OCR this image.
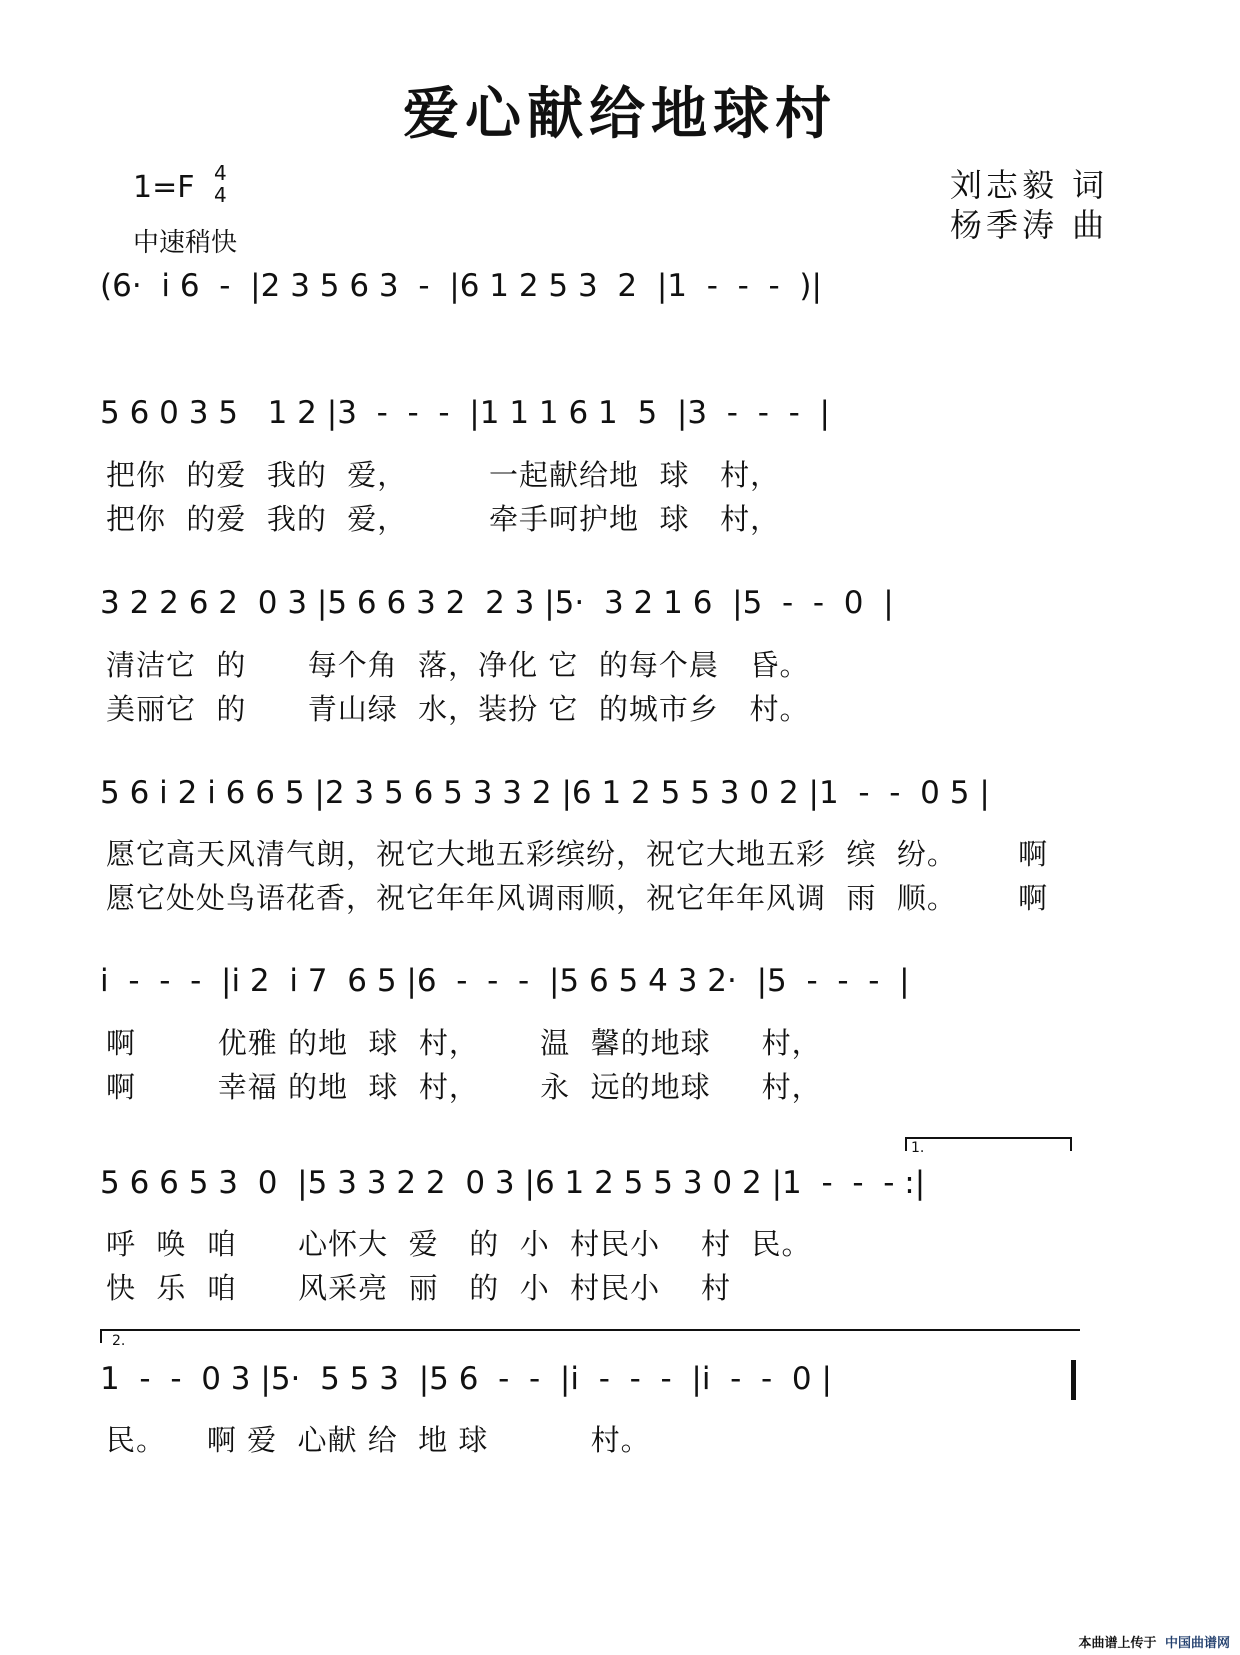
爱心献给地球村
1=F 4
4
中速稍快
刘志毅 词
杨季涛 曲
(6·  i 6  -  |2 3 5 6 3  -  |6 1 2 5 3  2  |1  -  -  -  )|
5 6 0 3 5   1 2 |3  -  -  -  |1 1 1 6 1  5  |3  -  -  -  |
把你  的爱  我的  爱，        一起献给地  球   村，
把你  的爱  我的  爱，        牵手呵护地  球   村，
3 2 2 6 2  0 3 |5 6 6 3 2  2 3 |5·  3 2 1 6  |5  -  -  0  |
清洁它  的      每个角  落，净化 它  的每个晨   昏。
美丽它  的      青山绿  水，装扮 它  的城市乡   村。
5 6 i 2 i 6 6 5 |2 3 5 6 5 3 3 2 |6 1 2 5 5 3 0 2 |1  -  -  0 5 |
愿它高天风清气朗，祝它大地五彩缤纷，祝它大地五彩  缤  纷。      啊
愿它处处鸟语花香，祝它年年风调雨顺，祝它年年风调  雨  顺。      啊
i  -  -  -  |i 2  i 7  6 5 |6  -  -  -  |5 6 5 4 3 2·  |5  -  -  -  |
啊        优雅 的地  球  村，      温  馨的地球     村，
啊        幸福 的地  球  村，      永  远的地球     村，
1.
5 6 6 5 3  0  |5 3 3 2 2  0 3 |6 1 2 5 5 3 0 2 |1  -  -  - :|
呼  唤  咱      心怀大  爱   的  小  村民小    村  民。
快  乐  咱      风采亮  丽   的  小  村民小    村
2.
1  -  -  0 3 |5·  5 5 3  |5 6  -  -  |i  -  -  -  |i  -  -  0 |
民。    啊 爱  心献 给  地 球          村。
本曲谱上传于 中国曲谱网
